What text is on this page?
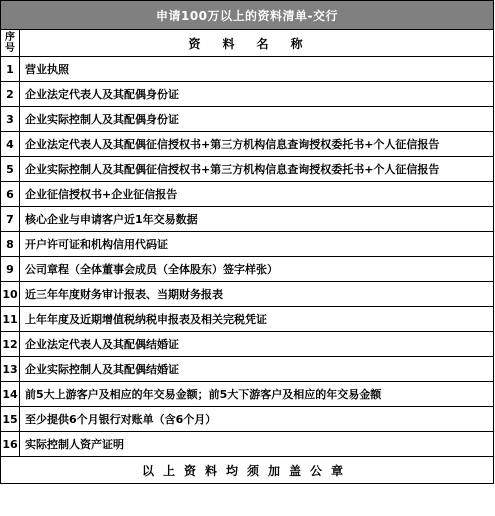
申请100万以上的资料清单-交行	
序号	资料名称
1	营业执照
2	企业法定代表人及其配偶身份证
3	企业实际控制人及其配偶身份证
4	企业法定代表人及其配偶征信授权书+第三方机构信息查询授权委托书+个人征信报告
5	企业实际控制人及其配偶征信授权书+第三方机构信息查询授权委托书+个人征信报告
6	企业征信授权书+企业征信报告
7	核心企业与申请客户近1年交易数据
8	开户许可证和机构信用代码证
9	公司章程（全体董事会成员（全体股东）签字样张）
10	近三年年度财务审计报表、当期财务报表
11	上年年度及近期增值税纳税申报表及相关完税凭证
12	企业法定代表人及其配偶结婚证
13	企业实际控制人及其配偶结婚证
14	前5大上游客户及相应的年交易金额；前5大下游客户及相应的年交易金额
15	至少提供6个月银行对账单（含6个月）
16	实际控制人资产证明
以上资料均须加盖公章	
